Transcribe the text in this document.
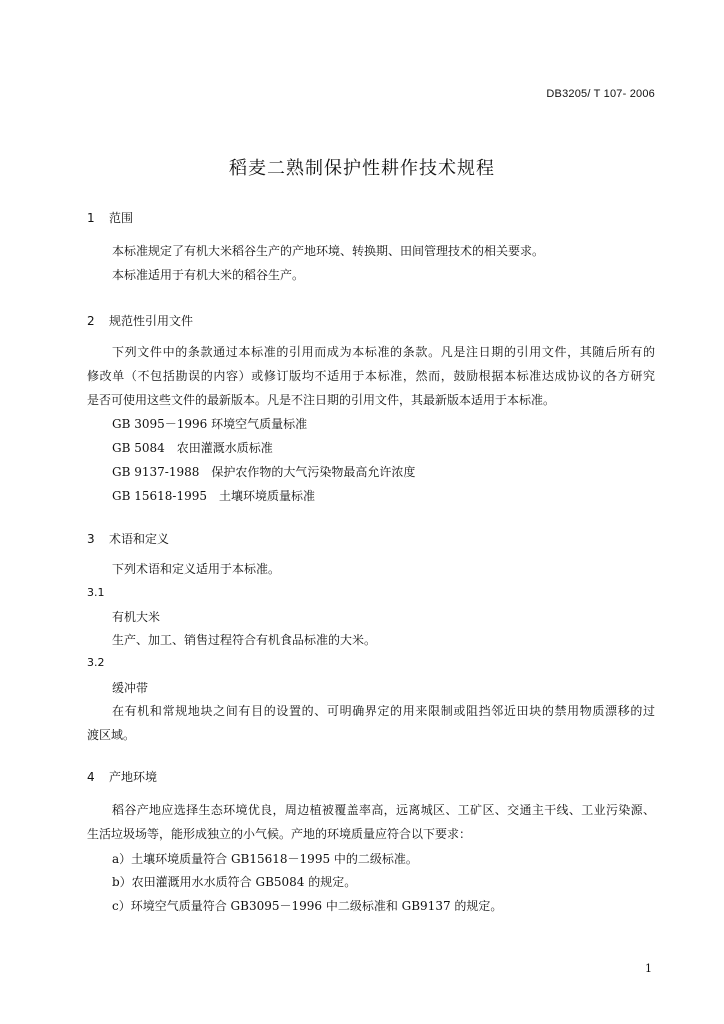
DB3205/ T 107- 2006
稻麦二熟制保护性耕作技术规程
1 范围
本标准规定了有机大米稻谷生产的产地环境、转换期、田间管理技术的相关要求。
本标准适用于有机大米的稻谷生产。
2 规范性引用文件
下列文件中的条款通过本标准的引用而成为本标准的条款。凡是注日期的引用文件，其随后所有的
修改单（不包括勘误的内容）或修订版均不适用于本标准，然而，鼓励根据本标准达成协议的各方研究
是否可使用这些文件的最新版本。凡是不注日期的引用文件，其最新版本适用于本标准。
GB 3095－1996 环境空气质量标准
GB 5084　农田灌溉水质标准
GB 9137-1988　保护农作物的大气污染物最高允许浓度
GB 15618-1995　土壤环境质量标准
3 术语和定义
下列术语和定义适用于本标准。
3.1
有机大米
生产、加工、销售过程符合有机食品标准的大米。
3.2
缓冲带
在有机和常规地块之间有目的设置的、可明确界定的用来限制或阻挡邻近田块的禁用物质漂移的过
渡区域。
4 产地环境
稻谷产地应选择生态环境优良，周边植被覆盖率高，远离城区、工矿区、交通主干线、工业污染源、
生活垃圾场等，能形成独立的小气候。产地的环境质量应符合以下要求：
a）土壤环境质量符合 GB15618－1995 中的二级标准。
b）农田灌溉用水水质符合 GB5084 的规定。
c）环境空气质量符合 GB3095－1996 中二级标准和 GB9137 的规定。
1
